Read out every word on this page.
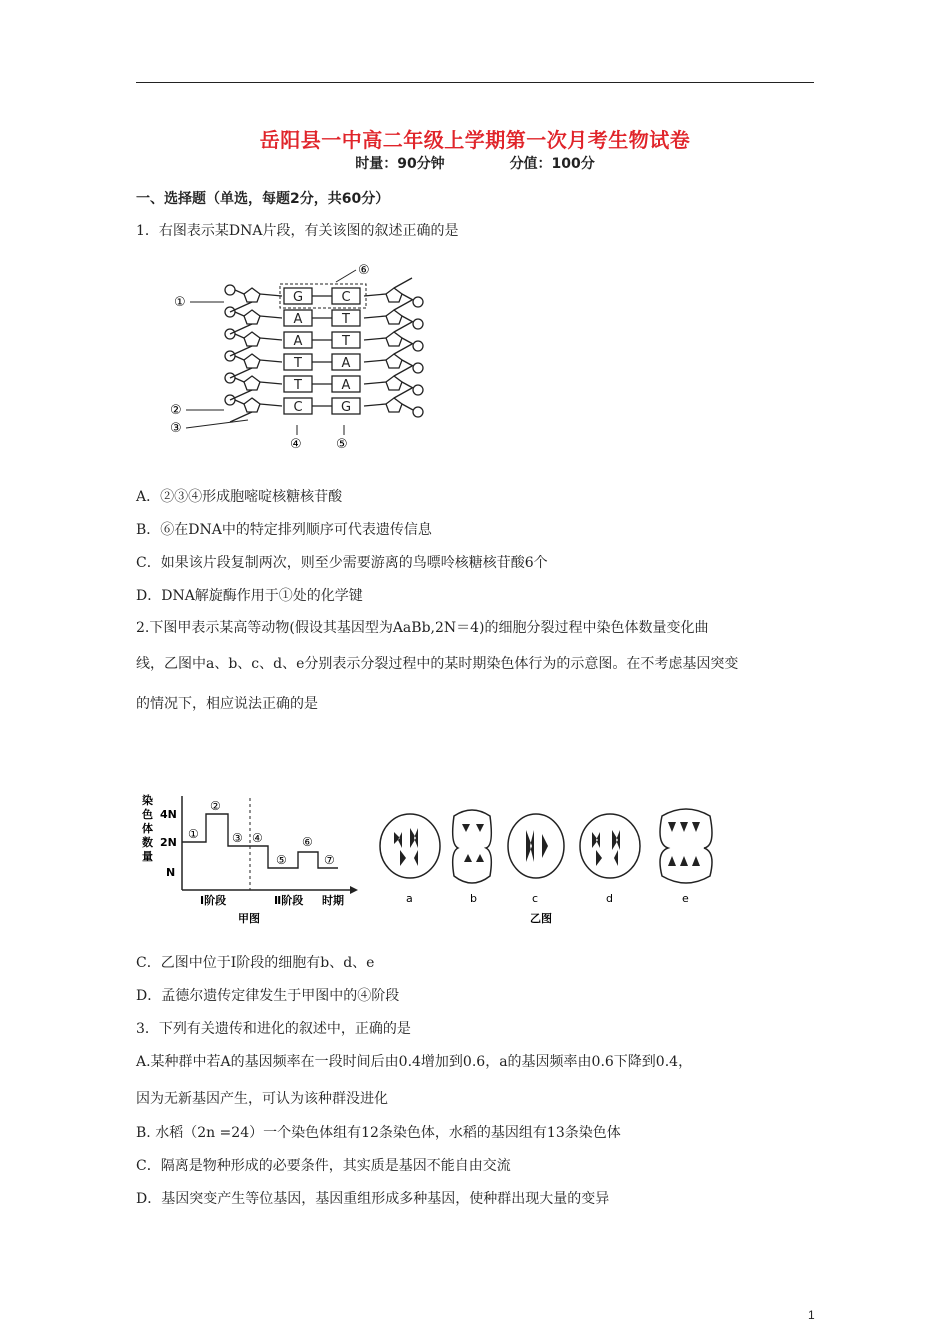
岳阳县一中高二年级上学期第一次月考生物试卷
时量：90分钟	分值：100分
一、选择题（单选，每题2分，共60分）
1．右图表示某DNA片段，有关该图的叙述正确的是
①
②
③
④	⑤
⑥
G	C
A	T
A	T
T	A
T	A
C	G
A．②③④形成胞嘧啶核糖核苷酸
B．⑥在DNA中的特定排列顺序可代表遗传信息
C．如果该片段复制两次，则至少需要游离的鸟嘌呤核糖核苷酸6个
D．DNA解旋酶作用于①处的化学键
2.下图甲表示某高等动物(假设其基因型为AaBb,2N＝4)的细胞分裂过程中染色体数量变化曲
线，乙图中a、b、c、d、e分别表示分裂过程中的某时期染色体行为的示意图。在不考虑基因突变
的情况下，相应说法正确的是
染
色
体
数
量
4N
2N
N
①
②
③ ④
⑤
⑥
⑦
Ⅰ阶段	Ⅱ阶段 时期
甲图
a	b	c	d	e
乙图
C．乙图中位于Ⅰ阶段的细胞有b、d、e
D．孟德尔遗传定律发生于甲图中的④阶段
3．下列有关遗传和进化的叙述中，正确的是
A.某种群中若A的基因频率在一段时间后由0.4增加到0.6，a的基因频率由0.6下降到0.4，
因为无新基因产生，可认为该种群没进化
B. 水稻（2n =24）一个染色体组有12条染色体，水稻的基因组有13条染色体
C．隔离是物种形成的必要条件，其实质是基因不能自由交流
D．基因突变产生等位基因，基因重组形成多种基因，使种群出现大量的变异
1
